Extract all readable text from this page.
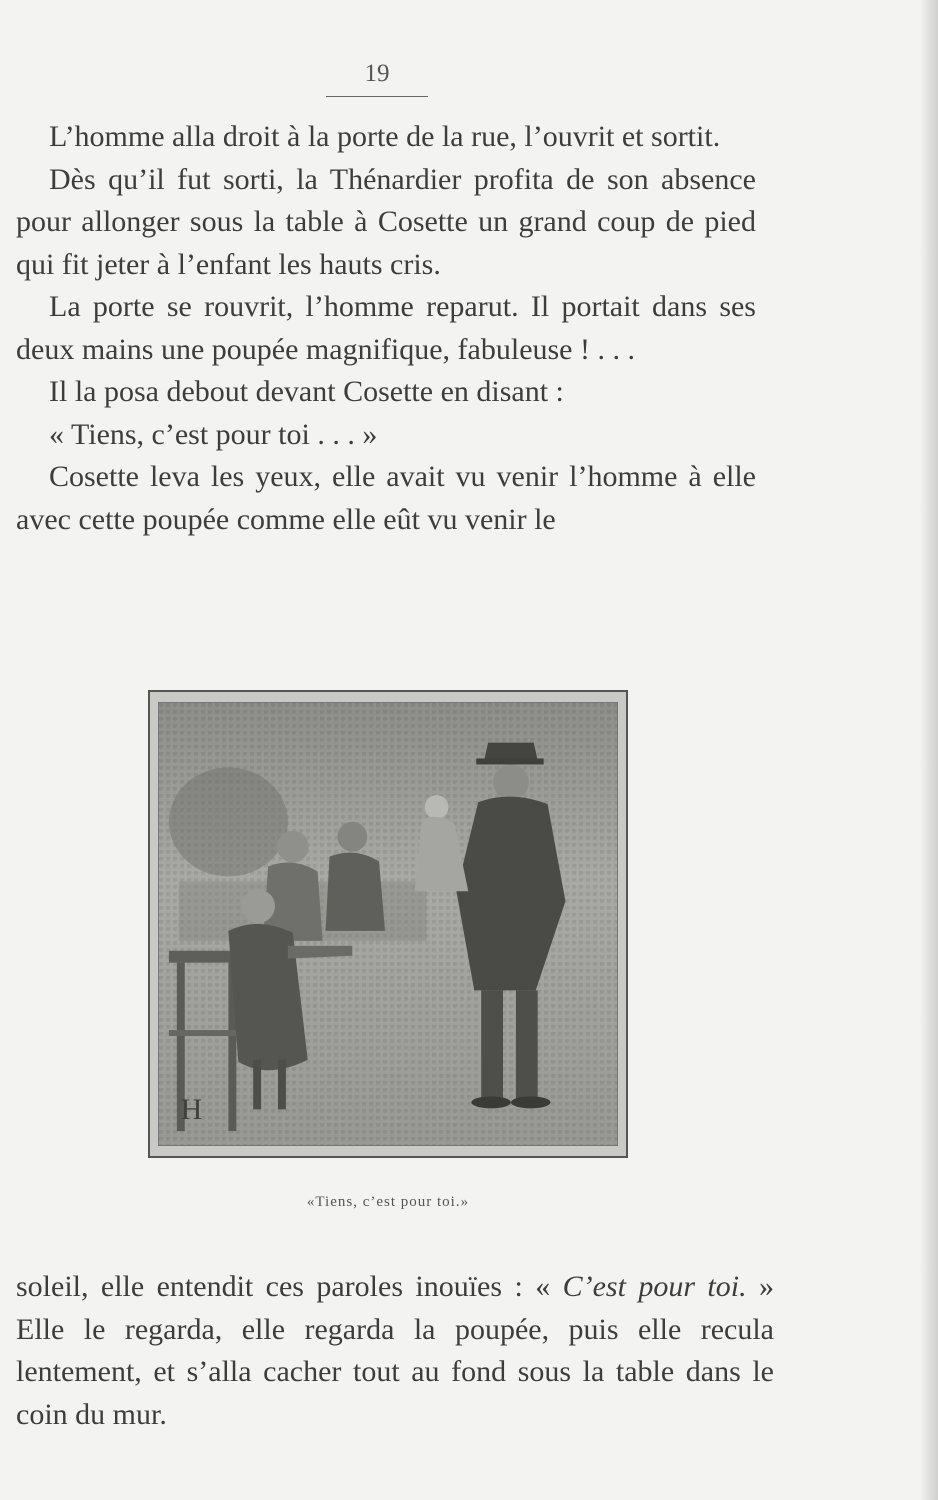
19

L’homme alla droit à la porte de la rue, l’ouvrit et sortit.

Dès qu’il fut sorti, la Thénardier profita de son absence pour allonger sous la table à Cosette un grand coup de pied qui fit jeter à l’enfant les hauts cris.

La porte se rouvrit, l’homme reparut. Il portait dans ses deux mains une poupée magnifique, fabuleuse ! . . .

Il la posa debout devant Cosette en disant :

« Tiens, c’est pour toi . . . »

Cosette leva les yeux, elle avait vu venir l’homme à elle avec cette poupée comme elle eût vu venir le

H
«Tiens, c’est pour toi.»

soleil, elle entendit ces paroles inouïes : « C’est pour toi. » Elle le regarda, elle regarda la poupée, puis elle recula lentement, et s’alla cacher tout au fond sous la table dans le coin du mur.
